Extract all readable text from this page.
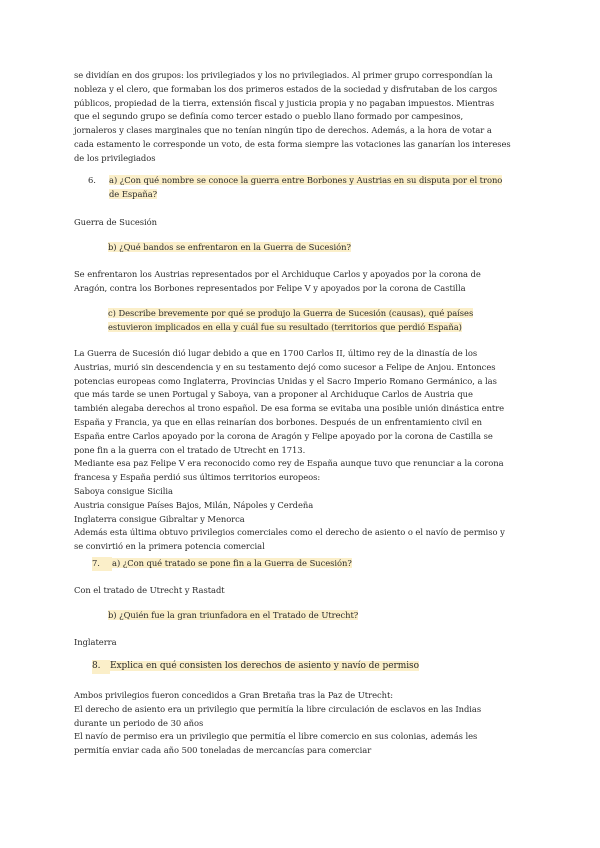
se dividían en dos grupos: los privilegiados y los no privilegiados. Al primer grupo correspondían la

nobleza y el clero, que formaban los dos primeros estados de la sociedad y disfrutaban de los cargos

públicos, propiedad de la tierra, extensión fiscal y justicia propia y no pagaban impuestos. Mientras

que el segundo grupo se definía como tercer estado o pueblo llano formado por campesinos,

jornaleros y clases marginales que no tenían ningún tipo de derechos. Además, a la hora de votar a

cada estamento le corresponde un voto, de esta forma siempre las votaciones las ganarían los intereses

de los privilegiados

6. a) ¿Con qué nombre se conoce la guerra entre Borbones y Austrias en su disputa por el trono

de España?

Guerra de Sucesión

b) ¿Qué bandos se enfrentaron en la Guerra de Sucesión?

Se enfrentaron los Austrias representados por el Archiduque Carlos y apoyados por la corona de

Aragón, contra los Borbones representados por Felipe V y apoyados por la corona de Castilla

c) Describe brevemente por qué se produjo la Guerra de Sucesión (causas), qué países

estuvieron implicados en ella y cuál fue su resultado (territorios que perdió España)

La Guerra de Sucesión dió lugar debido a que en 1700 Carlos II, último rey de la dinastía de los

Austrias, murió sin descendencia y en su testamento dejó como sucesor a Felipe de Anjou. Entonces

potencias europeas como Inglaterra, Provincias Unidas y el Sacro Imperio Romano Germánico, a las

que más tarde se unen Portugal y Saboya, van a proponer al Archiduque Carlos de Austria que

también alegaba derechos al trono español. De esa forma se evitaba una posible unión dinástica entre

España y Francia, ya que en ellas reinarían dos borbones. Después de un enfrentamiento civil en

España entre Carlos apoyado por la corona de Aragón y Felipe apoyado por la corona de Castilla se

pone fin a la guerra con el tratado de Utrecht en 1713.

Mediante esa paz Felipe V era reconocido como rey de España aunque tuvo que renunciar a la corona

francesa y España perdió sus últimos territorios europeos:

Saboya consigue Sicilia

Austria consigue Países Bajos, Milán, Nápoles y Cerdeña

Inglaterra consigue Gibraltar y Menorca

Además esta última obtuvo privilegios comerciales como el derecho de asiento o el navío de permiso y

se convirtió en la primera potencia comercial

7. a) ¿Con qué tratado se pone fin a la Guerra de Sucesión?

Con el tratado de Utrecht y Rastadt

b) ¿Quién fue la gran triunfadora en el Tratado de Utrecht?

Inglaterra

8. Explica en qué consisten los derechos de asiento y navío de permiso

Ambos privilegios fueron concedidos a Gran Bretaña tras la Paz de Utrecht:

El derecho de asiento era un privilegio que permitía la libre circulación de esclavos en las Indias

durante un periodo de 30 años

El navío de permiso era un privilegio que permitía el libre comercio en sus colonias, además les

permitía enviar cada año 500 toneladas de mercancías para comerciar
